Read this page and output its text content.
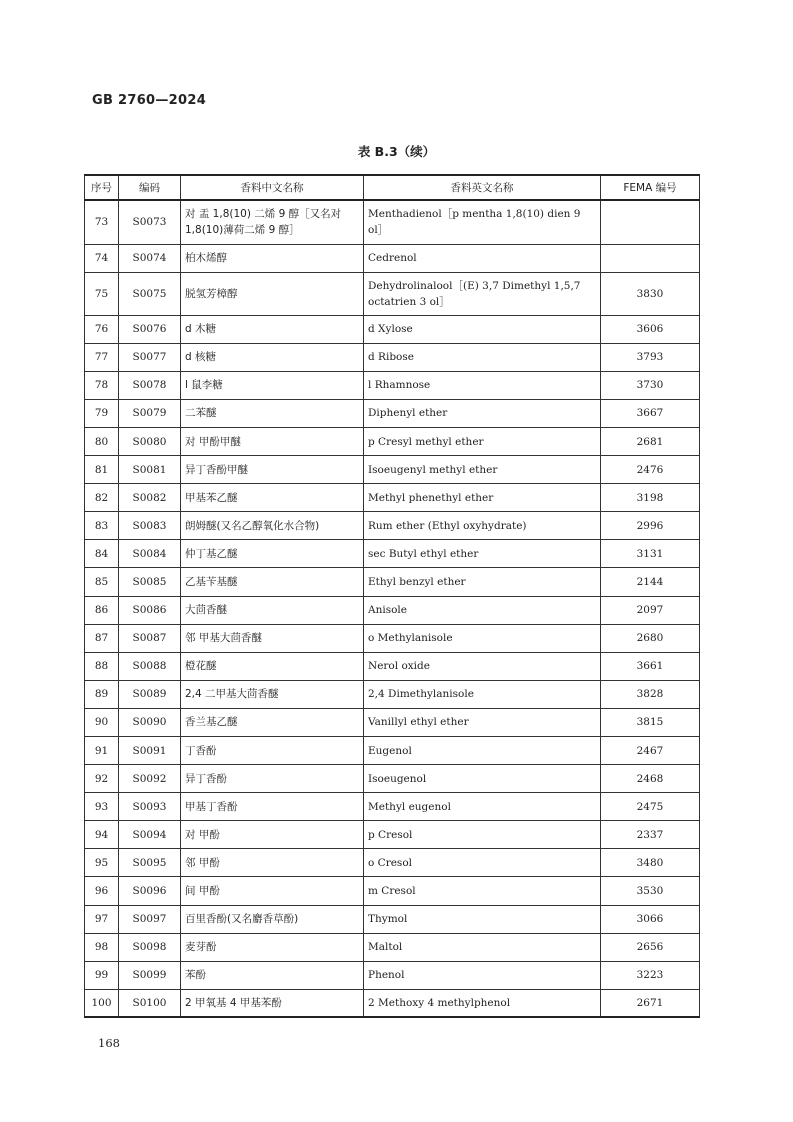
GB 2760—2024
表 B.3（续）
序号	编码	香料中文名称	香料英文名称	FEMA 编号
73	S0073	对 盂 1,8(10) 二烯 9 醇［又名对 1,8(10)薄荷二烯 9 醇］	Menthadienol［p mentha 1,8(10) dien 9 ol］	
74	S0074	柏木烯醇	Cedrenol	
75	S0075	脱氢芳樟醇	Dehydrolinalool［(E) 3,7 Dimethyl 1,5,7 octatrien 3 ol］	3830
76	S0076	d 木糖	d Xylose	3606
77	S0077	d 核糖	d Ribose	3793
78	S0078	l 鼠李糖	l Rhamnose	3730
79	S0079	二苯醚	Diphenyl ether	3667
80	S0080	对 甲酚甲醚	p Cresyl methyl ether	2681
81	S0081	异丁香酚甲醚	Isoeugenyl methyl ether	2476
82	S0082	甲基苯乙醚	Methyl phenethyl ether	3198
83	S0083	朗姆醚(又名乙醇氧化水合物)	Rum ether (Ethyl oxyhydrate)	2996
84	S0084	仲丁基乙醚	sec Butyl ethyl ether	3131
85	S0085	乙基苄基醚	Ethyl benzyl ether	2144
86	S0086	大茴香醚	Anisole	2097
87	S0087	邻 甲基大茴香醚	o Methylanisole	2680
88	S0088	橙花醚	Nerol oxide	3661
89	S0089	2,4 二甲基大茴香醚	2,4 Dimethylanisole	3828
90	S0090	香兰基乙醚	Vanillyl ethyl ether	3815
91	S0091	丁香酚	Eugenol	2467
92	S0092	异丁香酚	Isoeugenol	2468
93	S0093	甲基丁香酚	Methyl eugenol	2475
94	S0094	对 甲酚	p Cresol	2337
95	S0095	邻 甲酚	o Cresol	3480
96	S0096	间 甲酚	m Cresol	3530
97	S0097	百里香酚(又名麝香草酚)	Thymol	3066
98	S0098	麦芽酚	Maltol	2656
99	S0099	苯酚	Phenol	3223
100	S0100	2 甲氧基 4 甲基苯酚	2 Methoxy 4 methylphenol	2671
168
